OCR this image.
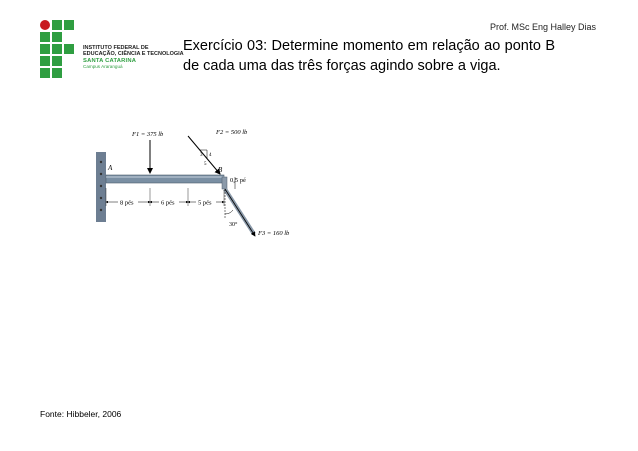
Prof. MSc Eng Halley Dias
INSTITUTO FEDERAL DE
EDUCAÇÃO, CIÊNCIA E TECNOLOGIA
SANTA CATARINA
Campus Araranguá
Exercício 03: Determine momento em relação ao ponto B de cada uma das três forças agindo sobre a viga.
A	B
F1 = 375 lb	F2 = 500 lb
3 4
5
F3 = 160 lb
30°
0,5 pé
8 pés	6 pés	5 pés
Fonte: Hibbeler, 2006
